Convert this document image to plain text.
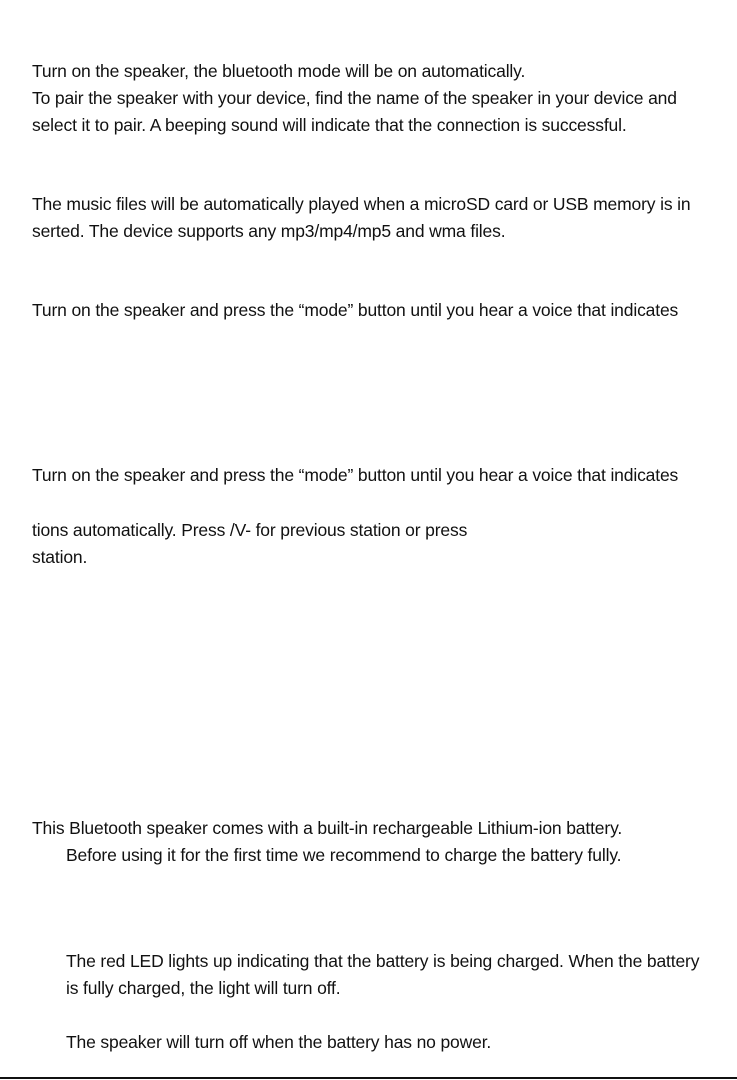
Turn on the speaker, the bluetooth mode will be on automatically.

To pair the speaker with your device, find the name of the speaker in your device and

select it to pair. A beeping sound will indicate that the connection is successful.

The music files will be automatically played when a microSD card or USB memory is in

serted. The device supports any mp3/mp4/mp5 and wma files.

Turn on the speaker and press the “mode” button until you hear a voice that indicates

Turn on the speaker and press the “mode” button until you hear a voice that indicates

tions automatically. Press /V- for previous station or press

station.

This Bluetooth speaker comes with a built-in rechargeable Lithium-ion battery.

Before using it for the first time we recommend to charge the battery fully.

The red LED lights up indicating that the battery is being charged. When the battery

is fully charged, the light will turn off.

The speaker will turn off when the battery has no power.
